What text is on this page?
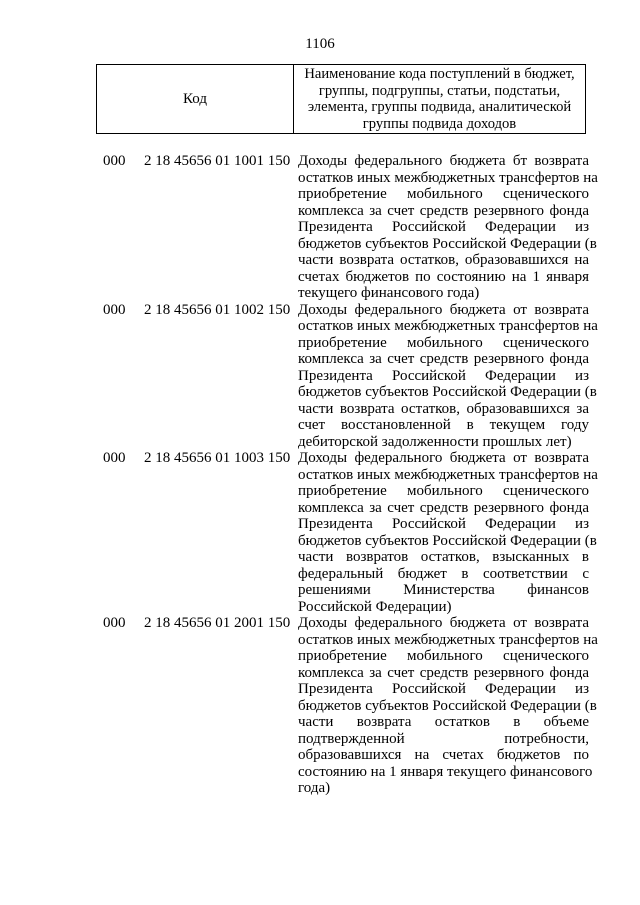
1106
Код
Наименование кода поступлений в бюджет,
группы, подгруппы, статьи, подстатьи,
элемента, группы подвида, аналитической
группы подвида доходов
000 2 18 45656 01 1001 150 Доходы федерального бюджета бт возврата
остатков иных межбюджетных трансфертов на
приобретение мобильного сценического
комплекса за счет средств резервного фонда
Президента Российской Федерации из
бюджетов субъектов Российской Федерации (в
части возврата остатков, образовавшихся на
счетах бюджетов по состоянию на 1 января
текущего финансового года)
000 2 18 45656 01 1002 150 Доходы федерального бюджета от возврата
остатков иных межбюджетных трансфертов на
приобретение мобильного сценического
комплекса за счет средств резервного фонда
Президента Российской Федерации из
бюджетов субъектов Российской Федерации (в
части возврата остатков, образовавшихся за
счет восстановленной в текущем году
дебиторской задолженности прошлых лет)
000 2 18 45656 01 1003 150 Доходы федерального бюджета от возврата
остатков иных межбюджетных трансфертов на
приобретение мобильного сценического
комплекса за счет средств резервного фонда
Президента Российской Федерации из
бюджетов субъектов Российской Федерации (в
части возвратов остатков, взысканных в
федеральный бюджет в соответствии с
решениями Министерства финансов
Российской Федерации)
000 2 18 45656 01 2001 150 Доходы федерального бюджета от возврата
остатков иных межбюджетных трансфертов на
приобретение мобильного сценического
комплекса за счет средств резервного фонда
Президента Российской Федерации из
бюджетов субъектов Российской Федерации (в
части возврата остатков в объеме
подтвержденной потребности,
образовавшихся на счетах бюджетов по
состоянию на 1 января текущего финансового
года)
